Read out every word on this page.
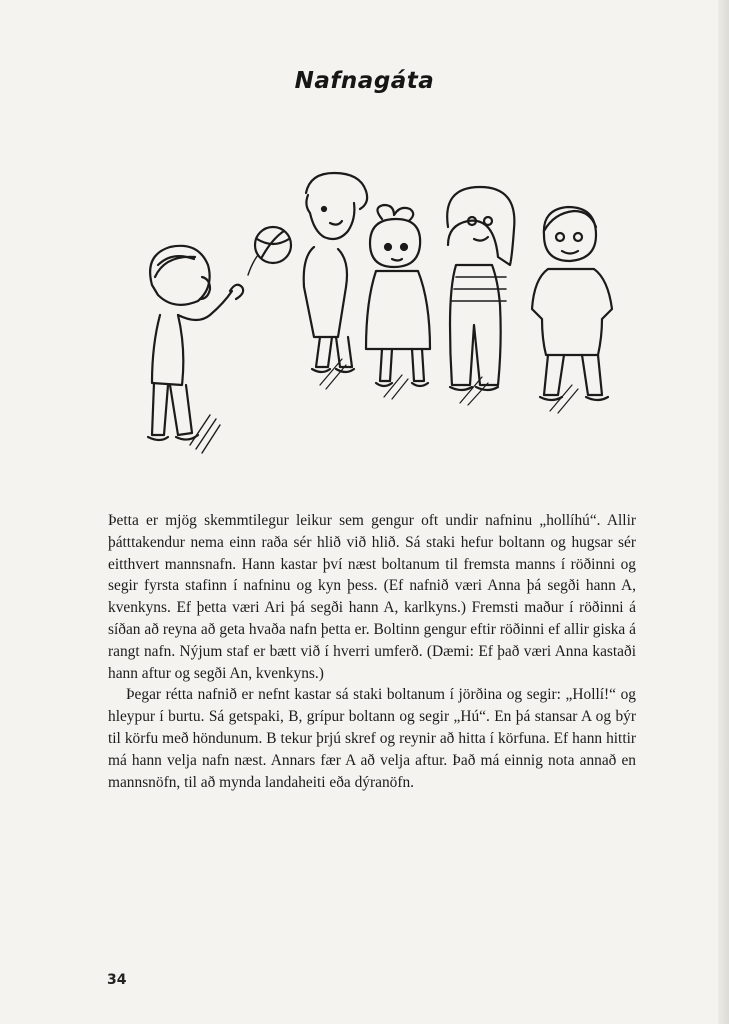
Nafnagáta

Þetta er mjög skemmtilegur leikur sem gengur oft undir nafninu „hollíhú“. Allir þátttakendur nema einn raða sér hlið við hlið. Sá staki hefur boltann og hugsar sér eitthvert mannsnafn. Hann kastar því næst boltanum til fremsta manns í röðinni og segir fyrsta stafinn í nafninu og kyn þess. (Ef nafnið væri Anna þá segði hann A, kvenkyns. Ef þetta væri Ari þá segði hann A, karlkyns.) Fremsti maður í röðinni á síðan að reyna að geta hvaða nafn þetta er. Boltinn gengur eftir röðinni ef allir giska á rangt nafn. Nýjum staf er bætt við í hverri umferð. (Dæmi: Ef það væri Anna kastaði hann aftur og segði An, kvenkyns.)

Þegar rétta nafnið er nefnt kastar sá staki boltanum í jörðina og segir: „Hollí!“ og hleypur í burtu. Sá getspaki, B, grípur boltann og segir „Hú“. En þá stansar A og býr til körfu með höndunum. B tekur þrjú skref og reynir að hitta í körfuna. Ef hann hittir má hann velja nafn næst. Annars fær A að velja aftur. Það má einnig nota annað en mannsnöfn, til að mynda landaheiti eða dýranöfn.

34
